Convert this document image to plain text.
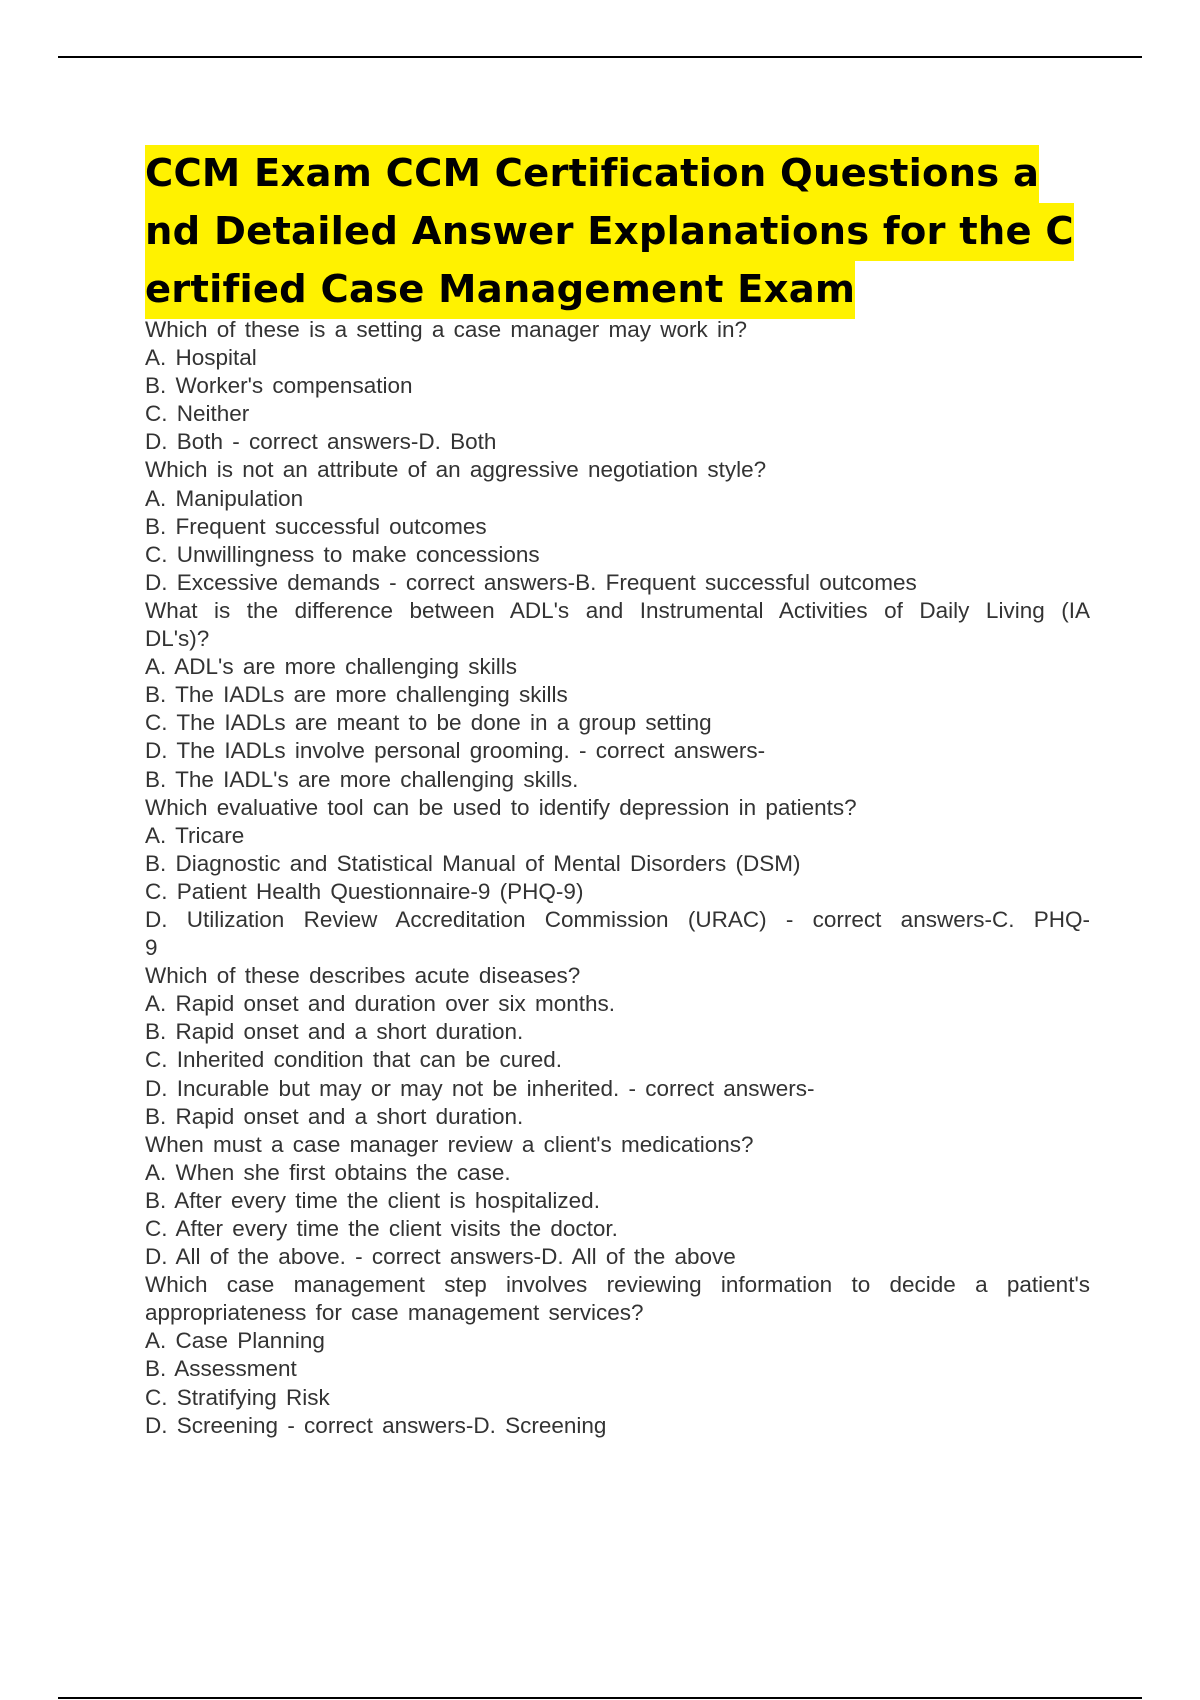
CCM Exam CCM Certification Questions a
nd Detailed Answer Explanations for the C
ertified Case Management Exam
Which of these is a setting a case manager may work in?
A. Hospital
B. Worker's compensation
C. Neither
D. Both - correct answers-D. Both
Which is not an attribute of an aggressive negotiation style?
A. Manipulation
B. Frequent successful outcomes
C. Unwillingness to make concessions
D. Excessive demands - correct answers-B. Frequent successful outcomes
What is the difference between ADL's and Instrumental Activities of Daily Living (IA
DL's)?
A. ADL's are more challenging skills
B. The IADLs are more challenging skills
C. The IADLs are meant to be done in a group setting
D. The IADLs involve personal grooming. - correct answers-
B. The IADL's are more challenging skills.
Which evaluative tool can be used to identify depression in patients?
A. Tricare
B. Diagnostic and Statistical Manual of Mental Disorders (DSM)
C. Patient Health Questionnaire-9 (PHQ-9)
D. Utilization Review Accreditation Commission (URAC) - correct answers-C. PHQ-
9
Which of these describes acute diseases?
A. Rapid onset and duration over six months.
B. Rapid onset and a short duration.
C. Inherited condition that can be cured.
D. Incurable but may or may not be inherited. - correct answers-
B. Rapid onset and a short duration.
When must a case manager review a client's medications?
A. When she first obtains the case.
B. After every time the client is hospitalized.
C. After every time the client visits the doctor.
D. All of the above. - correct answers-D. All of the above
Which case management step involves reviewing information to decide a patient's
appropriateness for case management services?
A. Case Planning
B. Assessment
C. Stratifying Risk
D. Screening - correct answers-D. Screening
